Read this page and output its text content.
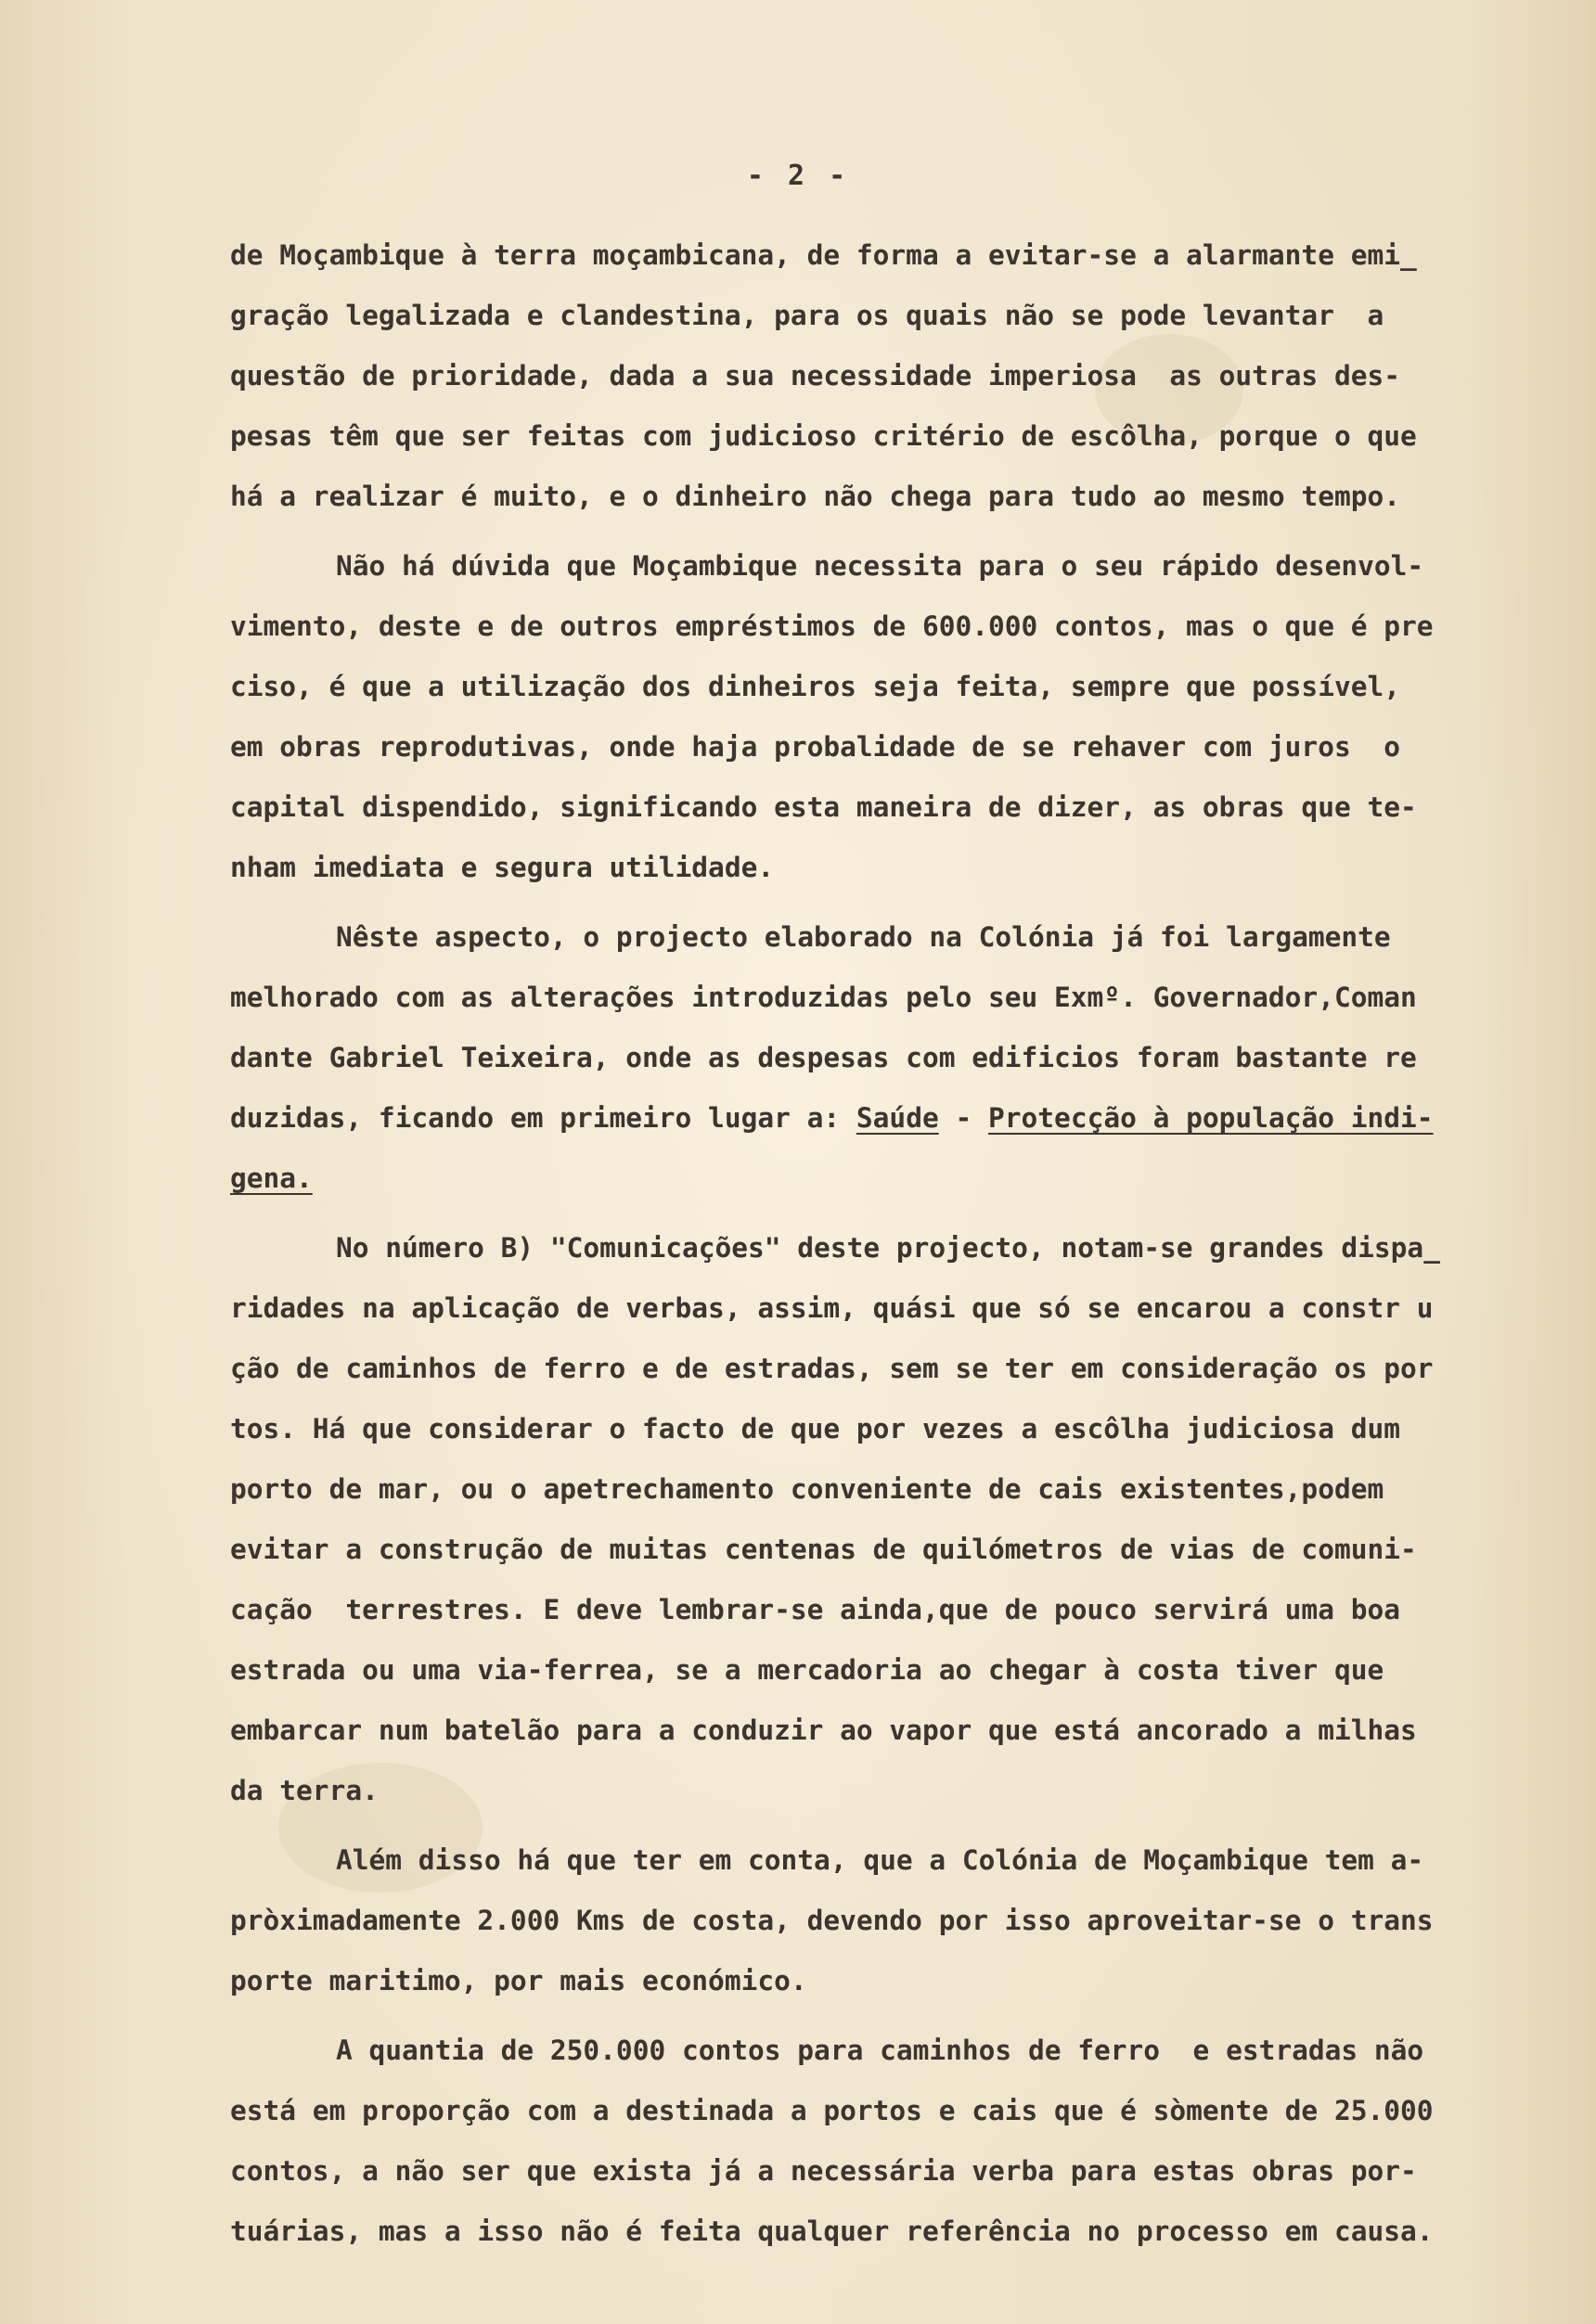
- 2 -

de Moçambique à terra moçambicana, de forma a evitar-se a alarmante emi_

gração legalizada e clandestina, para os quais não se pode levantar  a

questão de prioridade, dada a sua necessidade imperiosa  as outras des-

pesas têm que ser feitas com judicioso critério de escôlha, porque o que

há a realizar é muito, e o dinheiro não chega para tudo ao mesmo tempo.

Não há dúvida que Moçambique necessita para o seu rápido desenvol-

vimento, deste e de outros empréstimos de 600.000 contos, mas o que é pre

ciso, é que a utilização dos dinheiros seja feita, sempre que possível,

em obras reprodutivas, onde haja probalidade de se rehaver com juros  o

capital dispendido, significando esta maneira de dizer, as obras que te-

nham imediata e segura utilidade.

Nêste aspecto, o projecto elaborado na Colónia já foi largamente

melhorado com as alterações introduzidas pelo seu Exmº. Governador,Coman

dante Gabriel Teixeira, onde as despesas com edificios foram bastante re

duzidas, ficando em primeiro lugar a: Saúde - Protecção à população indi-

gena.

No número B) "Comunicações" deste projecto, notam-se grandes dispa_

ridades na aplicação de verbas, assim, quási que só se encarou a constr u

ção de caminhos de ferro e de estradas, sem se ter em consideração os por

tos. Há que considerar o facto de que por vezes a escôlha judiciosa dum

porto de mar, ou o apetrechamento conveniente de cais existentes,podem

evitar a construção de muitas centenas de quilómetros de vias de comuni-

cação  terrestres. E deve lembrar-se ainda,que de pouco servirá uma boa

estrada ou uma via-ferrea, se a mercadoria ao chegar à costa tiver que

embarcar num batelão para a conduzir ao vapor que está ancorado a milhas

da terra.

Além disso há que ter em conta, que a Colónia de Moçambique tem a-

pròximadamente 2.000 Kms de costa, devendo por isso aproveitar-se o trans

porte maritimo, por mais económico.

A quantia de 250.000 contos para caminhos de ferro  e estradas não

está em proporção com a destinada a portos e cais que é sòmente de 25.000

contos, a não ser que exista já a necessária verba para estas obras por-

tuárias, mas a isso não é feita qualquer referência no processo em causa.
